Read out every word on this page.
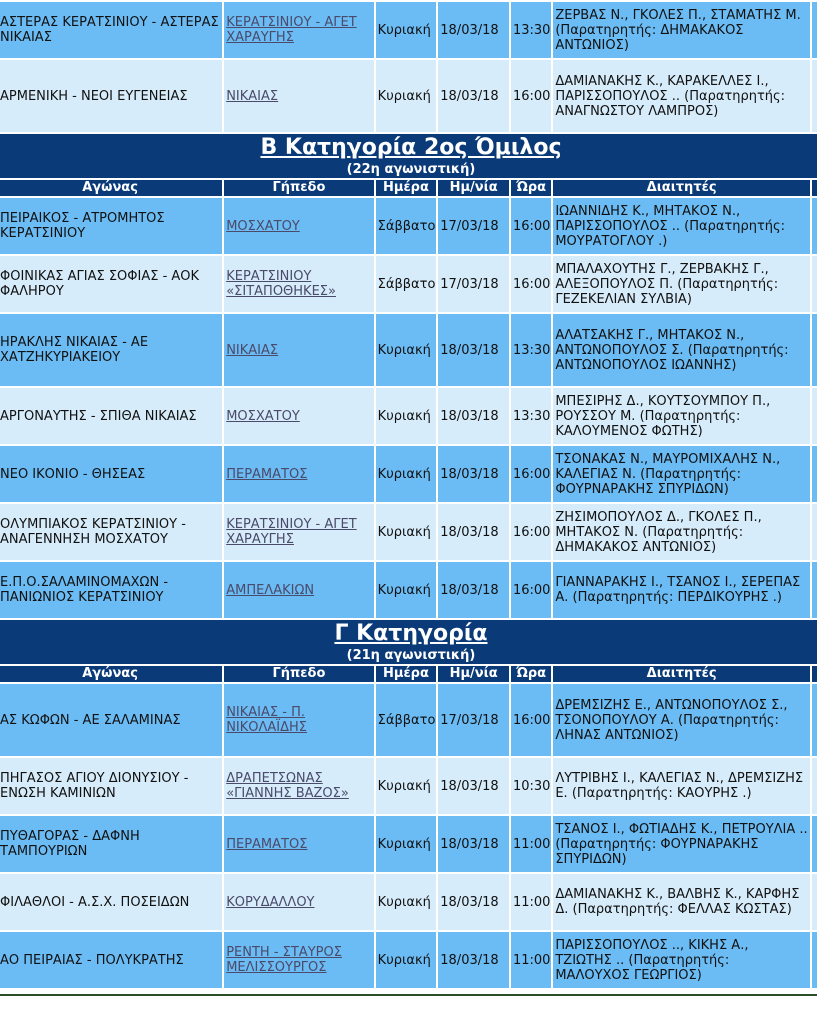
ΑΣΤΕΡΑΣ ΚΕΡΑΤΣΙΝΙΟΥ - ΑΣΤΕΡΑΣ ΝΙΚΑΙΑΣ	ΚΕΡΑΤΣΙΝΙΟΥ - ΑΓΕΤ ΧΑΡΑΥΓΗΣ	Κυριακή	18/03/18	13:30	ΖΕΡΒΑΣ Ν., ΓΚΟΛΕΣ Π., ΣΤΑΜΑΤΗΣ Μ. (Παρατηρητής: ΔΗΜΑΚΑΚΟΣ ΑΝΤΩΝΙΟΣ)	
ΑΡΜΕΝΙΚΗ - ΝΕΟΙ ΕΥΓΕΝΕΙΑΣ	ΝΙΚΑΙΑΣ	Κυριακή	18/03/18	16:00	ΔΑΜΙΑΝΑΚΗΣ Κ., ΚΑΡΑΚΕΛΛΕΣ Ι., ΠΑΡΙΣΣΟΠΟΥΛΟΣ .. (Παρατηρητής: ΑΝΑΓΝΩΣΤΟΥ ΛΑΜΠΡΟΣ)	

Β Κατηγορία 2ος Όμιλος
(22η αγωνιστική)						

Αγώνας	Γήπεδο	Ημέρα	Ημ/νία	Ώρα	Διαιτητές	
ΠΕΙΡΑΙΚΟΣ - ΑΤΡΟΜΗΤΟΣ ΚΕΡΑΤΣΙΝΙΟΥ	ΜΟΣΧΑΤΟΥ	Σάββατο	17/03/18	16:00	ΙΩΑΝΝΙΔΗΣ Κ., ΜΗΤΑΚΟΣ Ν., ΠΑΡΙΣΣΟΠΟΥΛΟΣ .. (Παρατηρητής: ΜΟΥΡΑΤΟΓΛΟΥ .)	
ΦΟΙΝΙΚΑΣ ΑΓΙΑΣ ΣΟΦΙΑΣ - ΑΟΚ ΦΑΛΗΡΟΥ	ΚΕΡΑΤΣΙΝΙΟΥ «ΣΙΤΑΠΟΘΗΚΕΣ»	Σάββατο	17/03/18	16:00	ΜΠΑΛΑΧΟΥΤΗΣ Γ., ΖΕΡΒΑΚΗΣ Γ., ΑΛΕΞΟΠΟΥΛΟΣ Π. (Παρατηρητής: ΓΕΖΕΚΕΛΙΑΝ ΣΥΛΒΙΑ)	
ΗΡΑΚΛΗΣ ΝΙΚΑΙΑΣ - ΑΕ ΧΑΤΖΗΚΥΡΙΑΚΕΙΟΥ	ΝΙΚΑΙΑΣ	Κυριακή	18/03/18	13:30	ΑΛΑΤΣΑΚΗΣ Γ., ΜΗΤΑΚΟΣ Ν., ΑΝΤΩΝΟΠΟΥΛΟΣ Σ. (Παρατηρητής: ΑΝΤΩΝΟΠΟΥΛΟΣ ΙΩΑΝΝΗΣ)	
ΑΡΓΟΝΑΥΤΗΣ - ΣΠΙΘΑ ΝΙΚΑΙΑΣ	ΜΟΣΧΑΤΟΥ	Κυριακή	18/03/18	13:30	ΜΠΕΣΙΡΗΣ Δ., ΚΟΥΤΣΟΥΜΠΟΥ Π., ΡΟΥΣΣΟΥ Μ. (Παρατηρητής: ΚΑΛΟΥΜΕΝΟΣ ΦΩΤΗΣ)	
ΝΕΟ ΙΚΟΝΙΟ - ΘΗΣΕΑΣ	ΠΕΡΑΜΑΤΟΣ	Κυριακή	18/03/18	16:00	ΤΣΟΝΑΚΑΣ Ν., ΜΑΥΡΟΜΙΧΑΛΗΣ Ν., ΚΑΛΕΓΙΑΣ Ν. (Παρατηρητής: ΦΟΥΡΝΑΡΑΚΗΣ ΣΠΥΡΙΔΩΝ)	
ΟΛΥΜΠΙΑΚΟΣ ΚΕΡΑΤΣΙΝΙΟΥ - ΑΝΑΓΕΝΝΗΣΗ ΜΟΣΧΑΤΟΥ	ΚΕΡΑΤΣΙΝΙΟΥ - ΑΓΕΤ ΧΑΡΑΥΓΗΣ	Κυριακή	18/03/18	16:00	ΖΗΣΙΜΟΠΟΥΛΟΣ Δ., ΓΚΟΛΕΣ Π., ΜΗΤΑΚΟΣ Ν. (Παρατηρητής: ΔΗΜΑΚΑΚΟΣ ΑΝΤΩΝΙΟΣ)	
Ε.Π.Ο.ΣΑΛΑΜΙΝΟΜΑΧΩΝ - ΠΑΝΙΩΝΙΟΣ ΚΕΡΑΤΣΙΝΙΟΥ	ΑΜΠΕΛΑΚΙΩΝ	Κυριακή	18/03/18	16:00	ΓΙΑΝΝΑΡΑΚΗΣ Ι., ΤΣΑΝΟΣ Ι., ΣΕΡΕΠΑΣ Α. (Παρατηρητής: ΠΕΡΔΙΚΟΥΡΗΣ .)	

Γ Κατηγορία
(21η αγωνιστική)						

Αγώνας	Γήπεδο	Ημέρα	Ημ/νία	Ώρα	Διαιτητές	
ΑΣ ΚΩΦΩΝ - ΑΕ ΣΑΛΑΜΙΝΑΣ	ΝΙΚΑΙΑΣ - Π. ΝΙΚΟΛΑΪΔΗΣ	Σάββατο	17/03/18	16:00	ΔΡΕΜΣΙΖΗΣ Ε., ΑΝΤΩΝΟΠΟΥΛΟΣ Σ., ΤΣΟΝΟΠΟΥΛΟΥ Α. (Παρατηρητής: ΛΗΝΑΣ ΑΝΤΩΝΙΟΣ)	
ΠΗΓΑΣΟΣ ΑΓΙΟΥ ΔΙΟΝΥΣΙΟΥ - ΕΝΩΣΗ ΚΑΜΙΝΙΩΝ	ΔΡΑΠΕΤΣΩΝΑΣ «ΓΙΑΝΝΗΣ ΒΑΖΟΣ»	Κυριακή	18/03/18	10:30	ΛΥΤΡΙΒΗΣ Ι., ΚΑΛΕΓΙΑΣ Ν., ΔΡΕΜΣΙΖΗΣ Ε. (Παρατηρητής: ΚΑΟΥΡΗΣ .)	
ΠΥΘΑΓΟΡΑΣ - ΔΑΦΝΗ ΤΑΜΠΟΥΡΙΩΝ	ΠΕΡΑΜΑΤΟΣ	Κυριακή	18/03/18	11:00	ΤΣΑΝΟΣ Ι., ΦΩΤΙΑΔΗΣ Κ., ΠΕΤΡΟΥΛΙΑ .. (Παρατηρητής: ΦΟΥΡΝΑΡΑΚΗΣ ΣΠΥΡΙΔΩΝ)	
ΦΙΛΑΘΛΟΙ - Α.Σ.Χ. ΠΟΣΕΙΔΩΝ	ΚΟΡΥΔΑΛΛΟΥ	Κυριακή	18/03/18	11:00	ΔΑΜΙΑΝΑΚΗΣ Κ., ΒΑΛΒΗΣ Κ., ΚΑΡΦΗΣ Δ. (Παρατηρητής: ΦΕΛΛΑΣ ΚΩΣΤΑΣ)	
ΑΟ ΠΕΙΡΑΙΑΣ - ΠΟΛΥΚΡΑΤΗΣ	ΡΕΝΤΗ - ΣΤΑΥΡΟΣ ΜΕΛΙΣΣΟΥΡΓΟΣ	Κυριακή	18/03/18	11:00	ΠΑΡΙΣΣΟΠΟΥΛΟΣ .., ΚΙΚΗΣ Α., ΤΖΙΩΤΗΣ .. (Παρατηρητής: ΜΑΛΟΥΧΟΣ ΓΕΩΡΓΙΟΣ)	
